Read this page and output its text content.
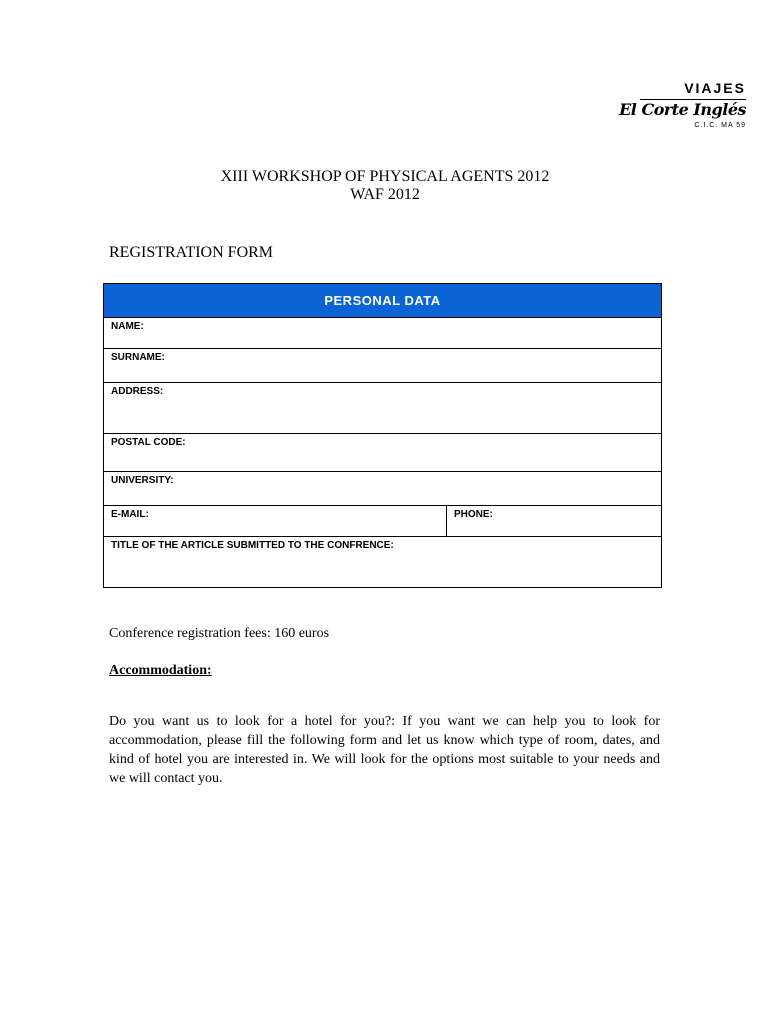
VIAJES
El Corte Inglés
C.I.C. MA 59
XIII WORKSHOP OF PHYSICAL AGENTS 2012
WAF 2012
REGISTRATION FORM
PERSONAL DATA
NAME:
SURNAME:
ADDRESS:
POSTAL CODE:
UNIVERSITY:
E-MAIL:	PHONE:
TITLE OF THE ARTICLE SUBMITTED TO THE CONFRENCE:
Conference registration fees: 160 euros
Accommodation:

Do you want us to look for a hotel for you?: If you want we can help you to look for accommodation, please fill the following form and let us know which type of room, dates, and kind of hotel you are interested in. We will look for the options most suitable to your needs and we will contact you.
